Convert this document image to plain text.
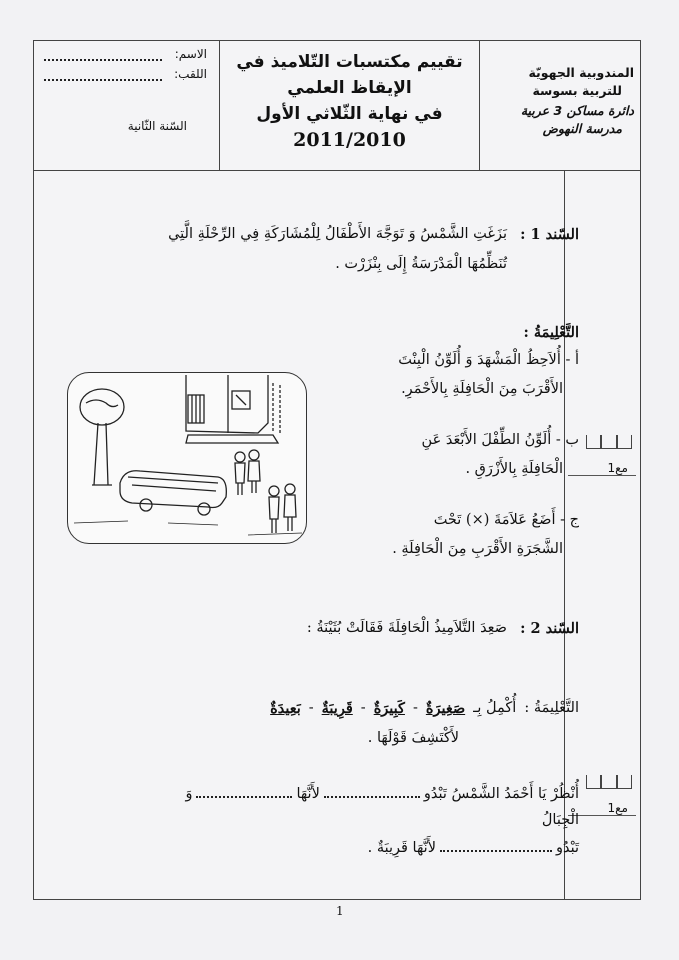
الاسم:
اللقب:
السّنة الثّانية
تقييم مكتسبات التّلاميذ في
الإيقاظ العلمي
في نهاية الثّلاثي الأول
2011/2010
المندوبية الجهويّة
للتربية بسوسة
دائرة مساكن 3 عربية
مدرسة النهوض
مع1
مع1
السّند 1 :
بَزَغَتِ الشَّمْسُ وَ تَوَجَّهَ الأَطْفَالُ لِلْمُشَارَكَةِ فِي الرِّحْلَةِ الَّتِي
تُنَظِّمُهَا الْمَدْرَسَةُ إِلَى بِنْزَرْت .
التَّعْلِيمَةُ :
أ - أُلاَحِظُ الْمَشْهَدَ وَ أُلَوِّنُ الْبِنْتَ
الأَقْرَبَ مِنَ الْحَافِلَةِ بِالأَحْمَرِ.
ب - أُلَوِّنُ الطِّفْلَ الأَبْعَدَ عَنِ
الْحَافِلَةِ بِالأَزْرَقِ .
ج - أَضَعُ عَلاَمَةَ (×) تَحْتَ
الشَّجَرَةِ الأَقْرَبِ مِنَ الْحَافِلَةِ .
السّند 2 :
صَعِدَ التَّلاَمِيذُ الْحَافِلَةَ فَقَالَتْ بُثَيْنَةُ :
التَّعْلِيمَةُ :
أُكْمِلُ بِـ
صَغِيرَةٌ
-
كَبِيرَةٌ
-
قَرِيبَةٌ
-
بَعِيدَةٌ
لأَكْتَشِفَ قَوْلَهَا .
أُنْظُرْ يَا أَحْمَدُ الشَّمْسُ تَبْدُو
لأَنَّهَا
وَ
الْجِبَالُ
تَبْدُو
لأَنَّهَا قَرِيبَةٌ .
1
